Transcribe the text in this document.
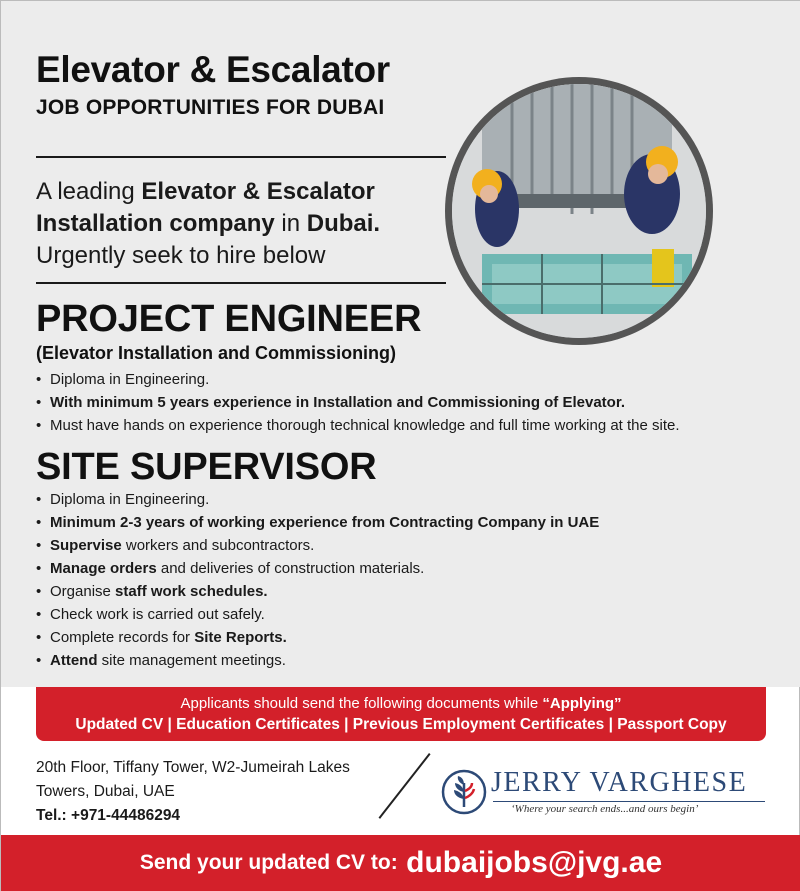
Elevator & Escalator
JOB OPPORTUNITIES FOR DUBAI
A leading Elevator & Escalator Installation company in Dubai.
Urgently seek to hire below
PROJECT ENGINEER
(Elevator Installation and Commissioning)
• Diploma in Engineering.
• With minimum 5 years experience in Installation and Commissioning of Elevator.
• Must have hands on experience thorough technical knowledge and full time working at the site.
SITE SUPERVISOR
• Diploma in Engineering.
• Minimum 2-3 years of working experience from Contracting Company in UAE
• Supervise workers and subcontractors.
• Manage orders and deliveries of construction materials.
• Organise staff work schedules.
• Check work is carried out safely.
• Complete records for Site Reports.
• Attend site management meetings.
Applicants should send the following documents while “Applying”
Updated CV | Education Certificates | Previous Employment Certificates | Passport Copy
20th Floor, Tiffany Tower, W2-Jumeirah Lakes
Towers, Dubai, UAE
Tel.: +971-44486294
JERRY VARGHESE
‘Where your search ends...and ours begin’
Send your updated CV to: dubaijobs@jvg.ae
